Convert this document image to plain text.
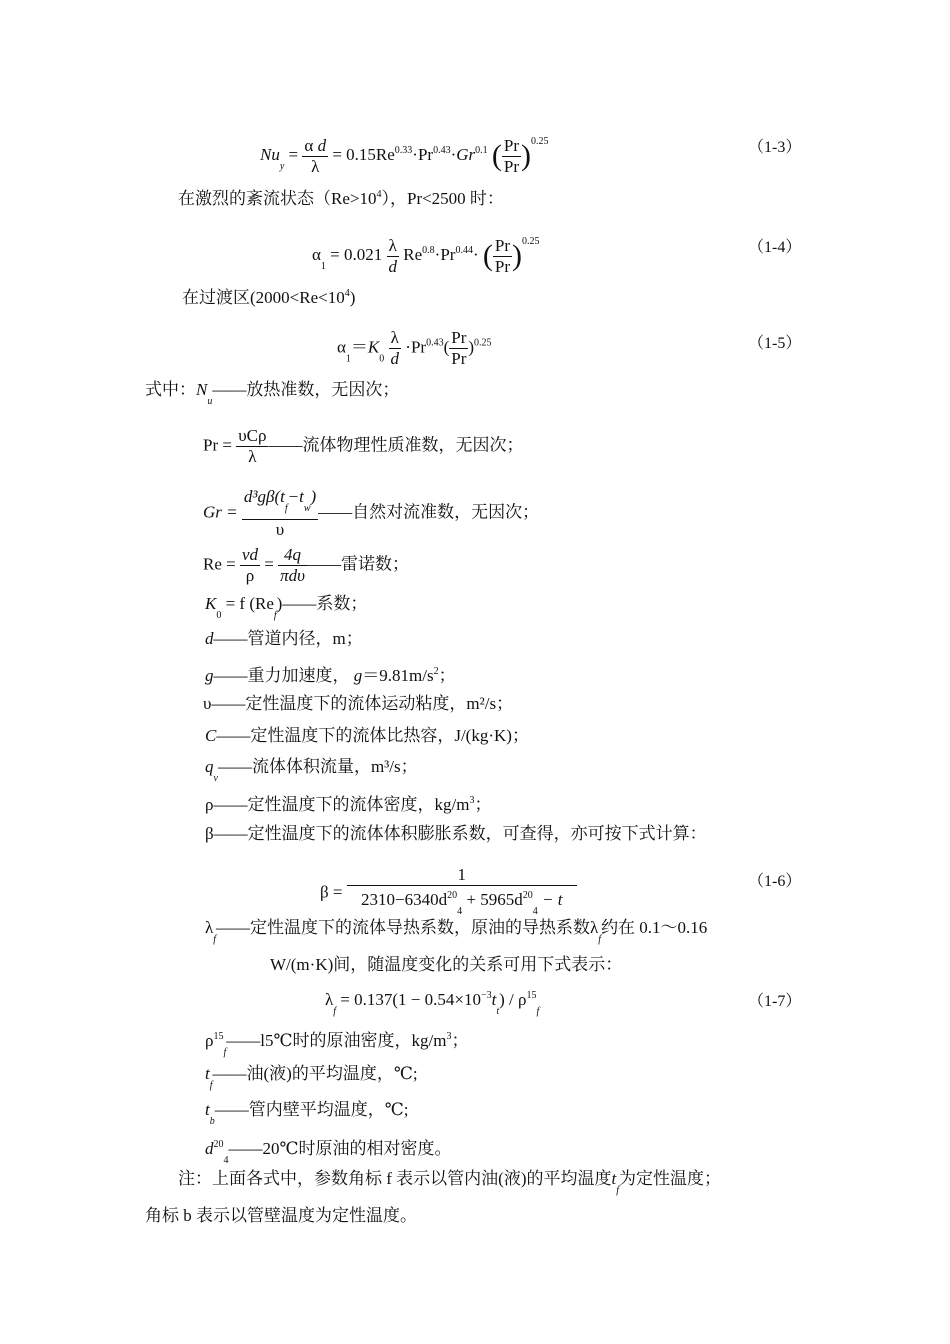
$Nu_y = \frac{\text{α d}}{\lambda} = 0.15Re^{0.33}\cdot Pr^{0.43}\cdot Gr^{0.1}$ ( $\frac{Pr}{Pr} )^{0.25}$	（1-3）
在激烈的紊流状态$(Re>10^4)$，Pr<2500 时：
$\alpha_1 = 0.021 \frac{\lambda}{d} Re^{0.8}\cdot Pr^{0.44}\cdot$ ( $\frac{Pr}{Pr} )^{0.25}$	（1-4）
在过渡区$(2000<Re<10^4)$
$\alpha_1=K_0 \frac{\lambda}{d} \cdot Pr^{0.43}( \frac{Pr}{Pr} )^{0.25}$	（1-5）
式中：$N_u——$放热准数，无因次；
Pr = υCρ
λ
——流体物理性质准数，无因次；
$Gr = \frac{d^3g\beta(t_f-t_w)}{\upsilon}$ ——自然对流准数，无因次；
$Re = \frac{vd}{\rho} = 4q$
πdυ
——雷诺数；
$K_0 = f$ $(Re_f)——$系数；
d——管道内径，m；
g——重力加速度， $g=9.81m/s^2$；
υ——定性温度下的流体运动粘度，m²/s；
C——定性温度下的流体比热容，J/(kg·K)；
$q_v——$流体体积流量，m³/s；
ρ——定性温度下的流体密度，$kg/m^3$；
β——定性温度下的流体体积膨胀系数，可查得，亦可按下式计算：
$\beta = \frac{1}{2310-6340d^{20}_4 + 5965d^{20}_4 - t}$	（1-6）
$\lambda_f——$定性温度下的流体导热系数，原油的导热系数$\lambda_f$约在 0.1～0.16
W/(m·K)间，随温度变化的关系可用下式表示：
$\lambda_f = 0.137(1 - 0.54\times 10^{-3}t_t) / \rho^{15}_f$
（1-7）
$\rho^{15}_f——l5℃$时的原油密度，$kg/m^3$；
$t_f——$油(液)的平均温度，℃;
$t_b——$管内壁平均温度，℃;
$d^{20}_4——20℃$时原油的相对密度。
注：上面各式中，参数角标 f 表示以管内油(液)的平均温度$t_f$为定性温度；
角标 b 表示以管壁温度为定性温度。
